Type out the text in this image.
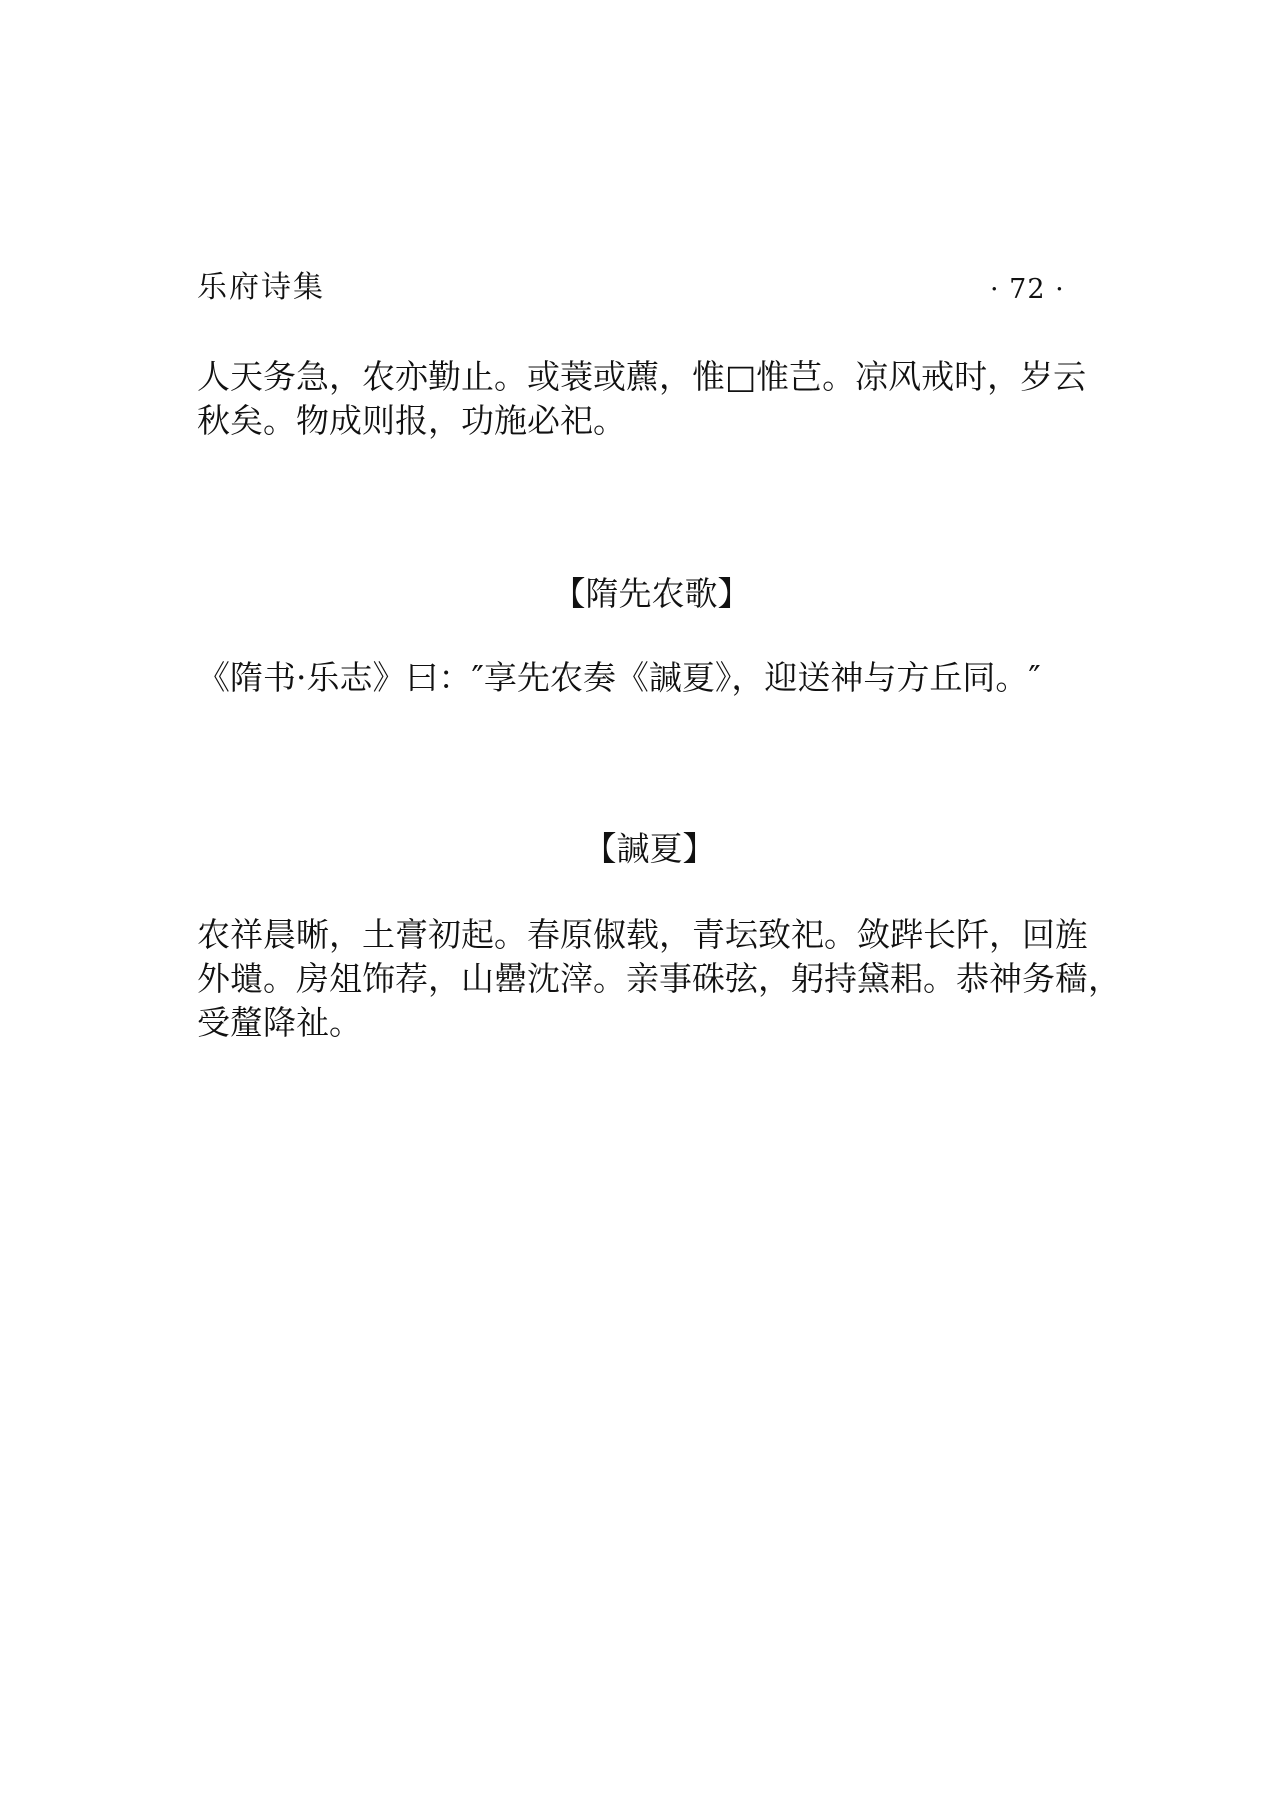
乐府诗集	· 72 ·

人天务急，农亦勤止。或蓑或藨，惟□惟芑。凉风戒时，岁云
秋矣。物成则报，功施必祀。

【隋先农歌】

《隋书·乐志》曰：″享先农奏《諴夏》，迎送神与方丘同。″

【諴夏】

农祥晨晰，土膏初起。春原俶载，青坛致祀。敛跸长阡，回旌
外壝。房俎饰荐，山罍沈滓。亲事硃弦，躬持黛耜。恭神务穑，
受釐降祉。
